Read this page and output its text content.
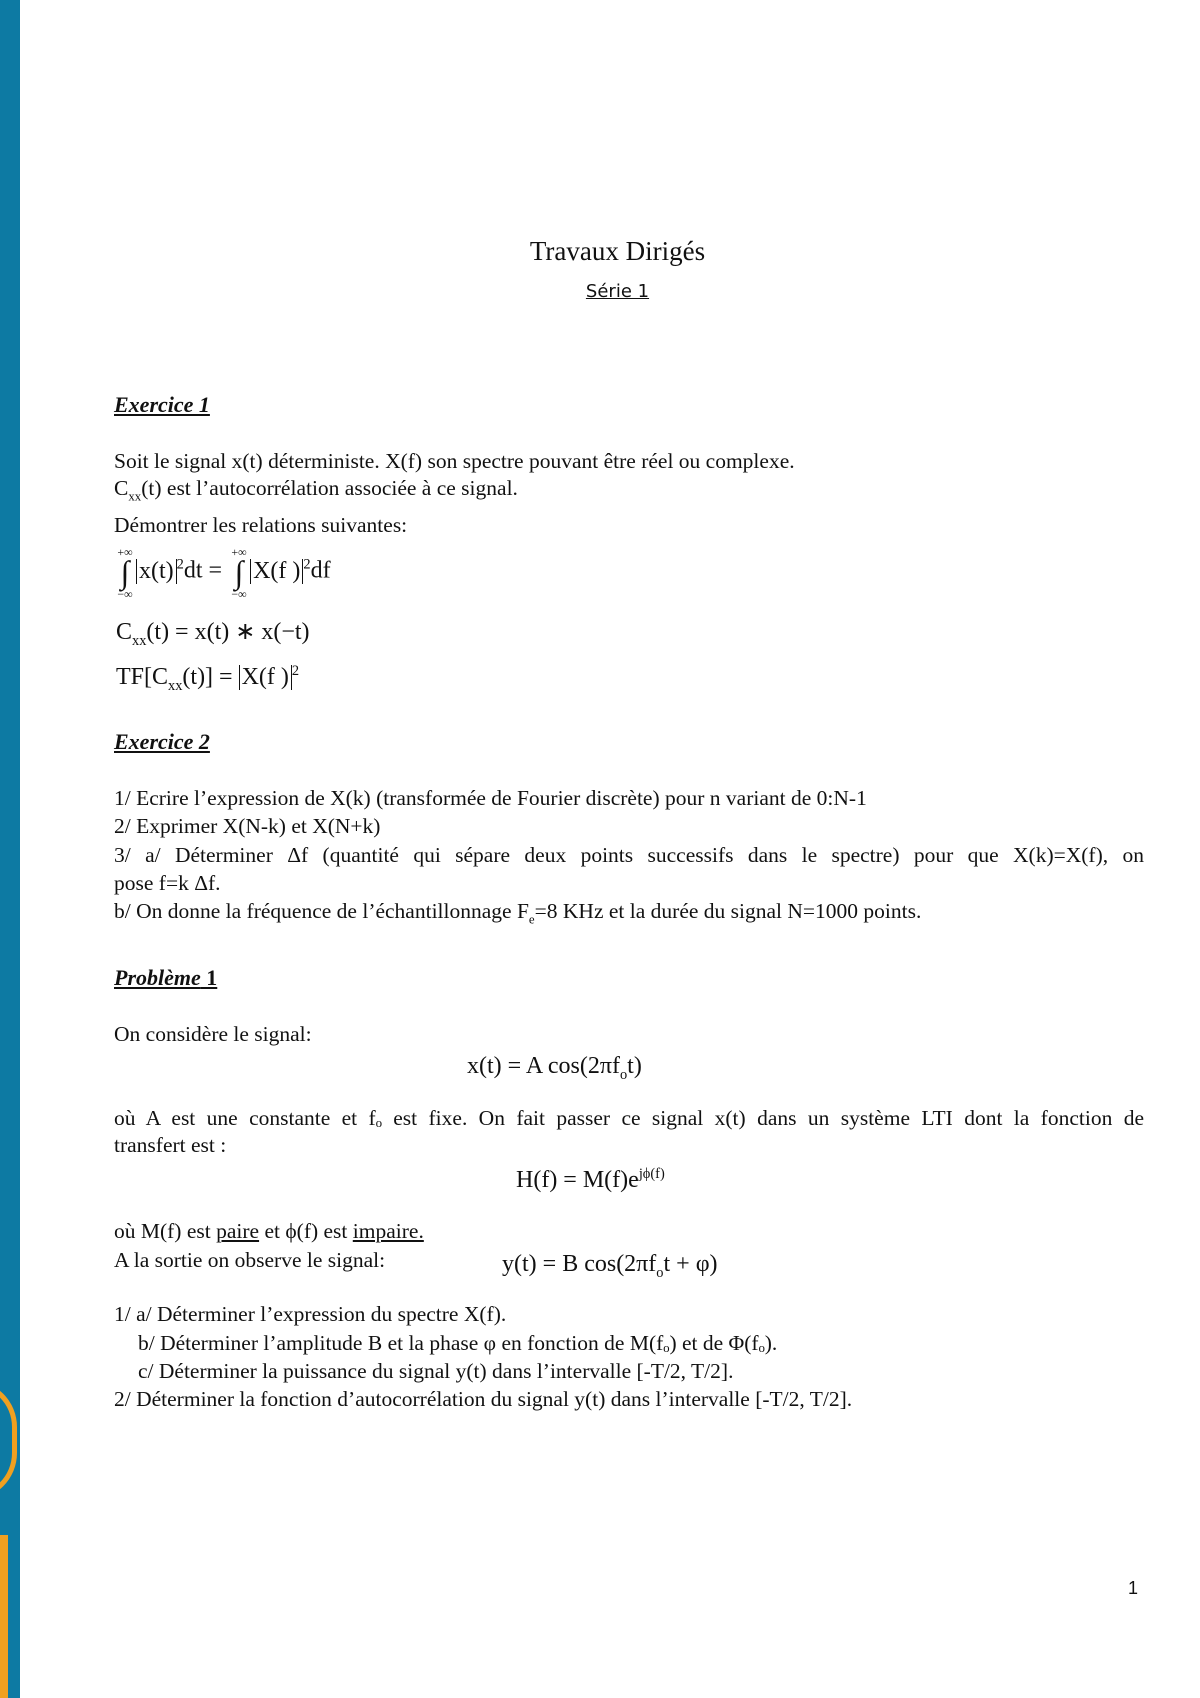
Travaux Dirigés
Série 1
Exercice 1
Soit le signal x(t) déterministe. X(f) son spectre pouvant être réel ou complexe.
$C_{xx}(t)$ est l’autocorrélation associée à ce signal.
Démontrer les relations suivantes:
∫
+∞
−∞
x(t) $^2$dt = ∫
+∞
−∞
X(f ) $^2$df
$C_{xx}(t) = x(t)$ ∗ x(−t)
$TF[C_{xx}(t)] = X(f$ ) $^2$
Exercice 2
1/ Ecrire l’expression de X(k) (transformée de Fourier discrète) pour n variant de 0:N-1
2/ Exprimer X(N-k) et X(N+k)
3/ a/ Déterminer Δf (quantité qui sépare deux points successifs dans le spectre) pour que X(k)=X(f), on
pose f=k Δf.
b/ On donne la fréquence de l’échantillonnage $F_e=8$ KHz et la durée du signal N=1000 points.
Problème 1
On considère le signal:
x(t) = A $\cos(2\pi f_ot)$
où A est une constante et fₒ est fixe. On fait passer ce signal x(t) dans un système LTI dont la fonction de
transfert est :
$H(f) = M(f)e^{j\phi(f)}$
où M(f) est paire et ϕ(f) est impaire.
A la sortie on observe le signal:	y(t) = B $\cos(2\pi f_ot + \varphi)$
1/ a/ Déterminer l’expression du spectre X(f).
b/ Déterminer l’amplitude B et la phase φ en fonction de M(fₒ) et de Φ(fₒ).
c/ Déterminer la puissance du signal y(t) dans l’intervalle [-T/2, T/2].
2/ Déterminer la fonction d’autocorrélation du signal y(t) dans l’intervalle [-T/2, T/2].
1
